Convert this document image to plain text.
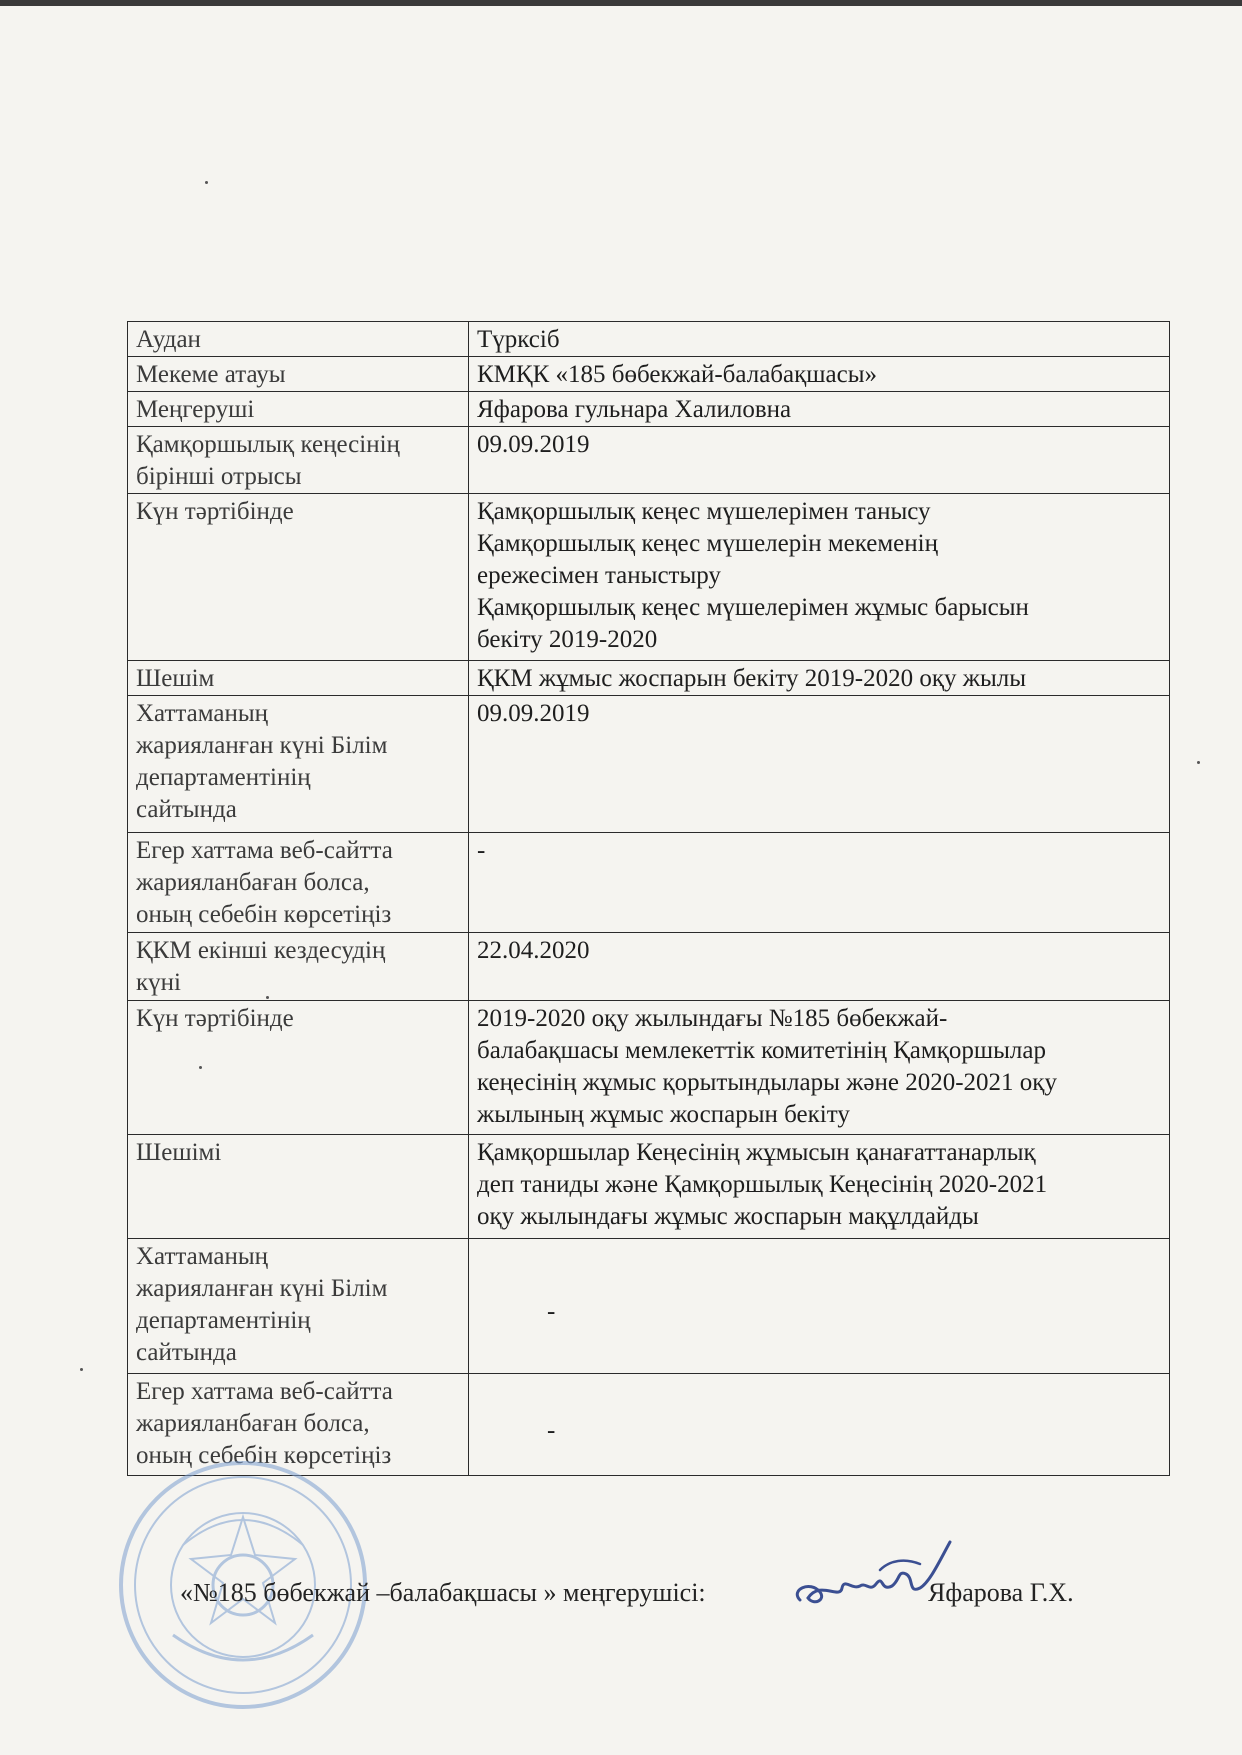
Аудан	Түрксіб

Мекеме атауы	КМҚК «185 бөбекжай-балабақшасы»

Меңгеруші	Яфарова гульнара Халиловна

Қамқоршылық кеңесінің
бірінші отрысы	09.09.2019

Күн тәртібінде	Қамқоршылық кеңес мүшелерімен танысу
Қамқоршылық кеңес мүшелерін мекеменің
ережесімен таныстыру
Қамқоршылық кеңес мүшелерімен жұмыс барысын
бекіту 2019-2020

Шешім	ҚКМ жұмыс жоспарын бекіту 2019-2020 оқу жылы

Хаттаманың
жарияланған күні Білім
департаментінің
сайтында	09.09.2019

Егер хаттама веб-сайтта
жарияланбаған болса,
оның себебін көрсетіңіз	-

ҚКМ екінші кездесудің
күні	22.04.2020

Күн тәртібінде	2019-2020 оқу жылындағы №185 бөбекжай-
балабақшасы мемлекеттік комитетінің Қамқоршылар
кеңесінің жұмыс қорытындылары және 2020-2021 оқу
жылының жұмыс жоспарын бекіту

Шешімі	Қамқоршылар Кеңесінің жұмысын қанағаттанарлық
деп таниды және Қамқоршылық Кеңесінің 2020-2021
оқу жылындағы жұмыс жоспарын мақұлдайды

Хаттаманың
жарияланған күні Білім
департаментінің
сайтында	-

Егер хаттама веб-сайтта
жарияланбаған болса,
оның себебін көрсетіңіз	-
«№185 бөбекжай –балабақшасы » меңгерушісі:	Яфарова Г.Х.
